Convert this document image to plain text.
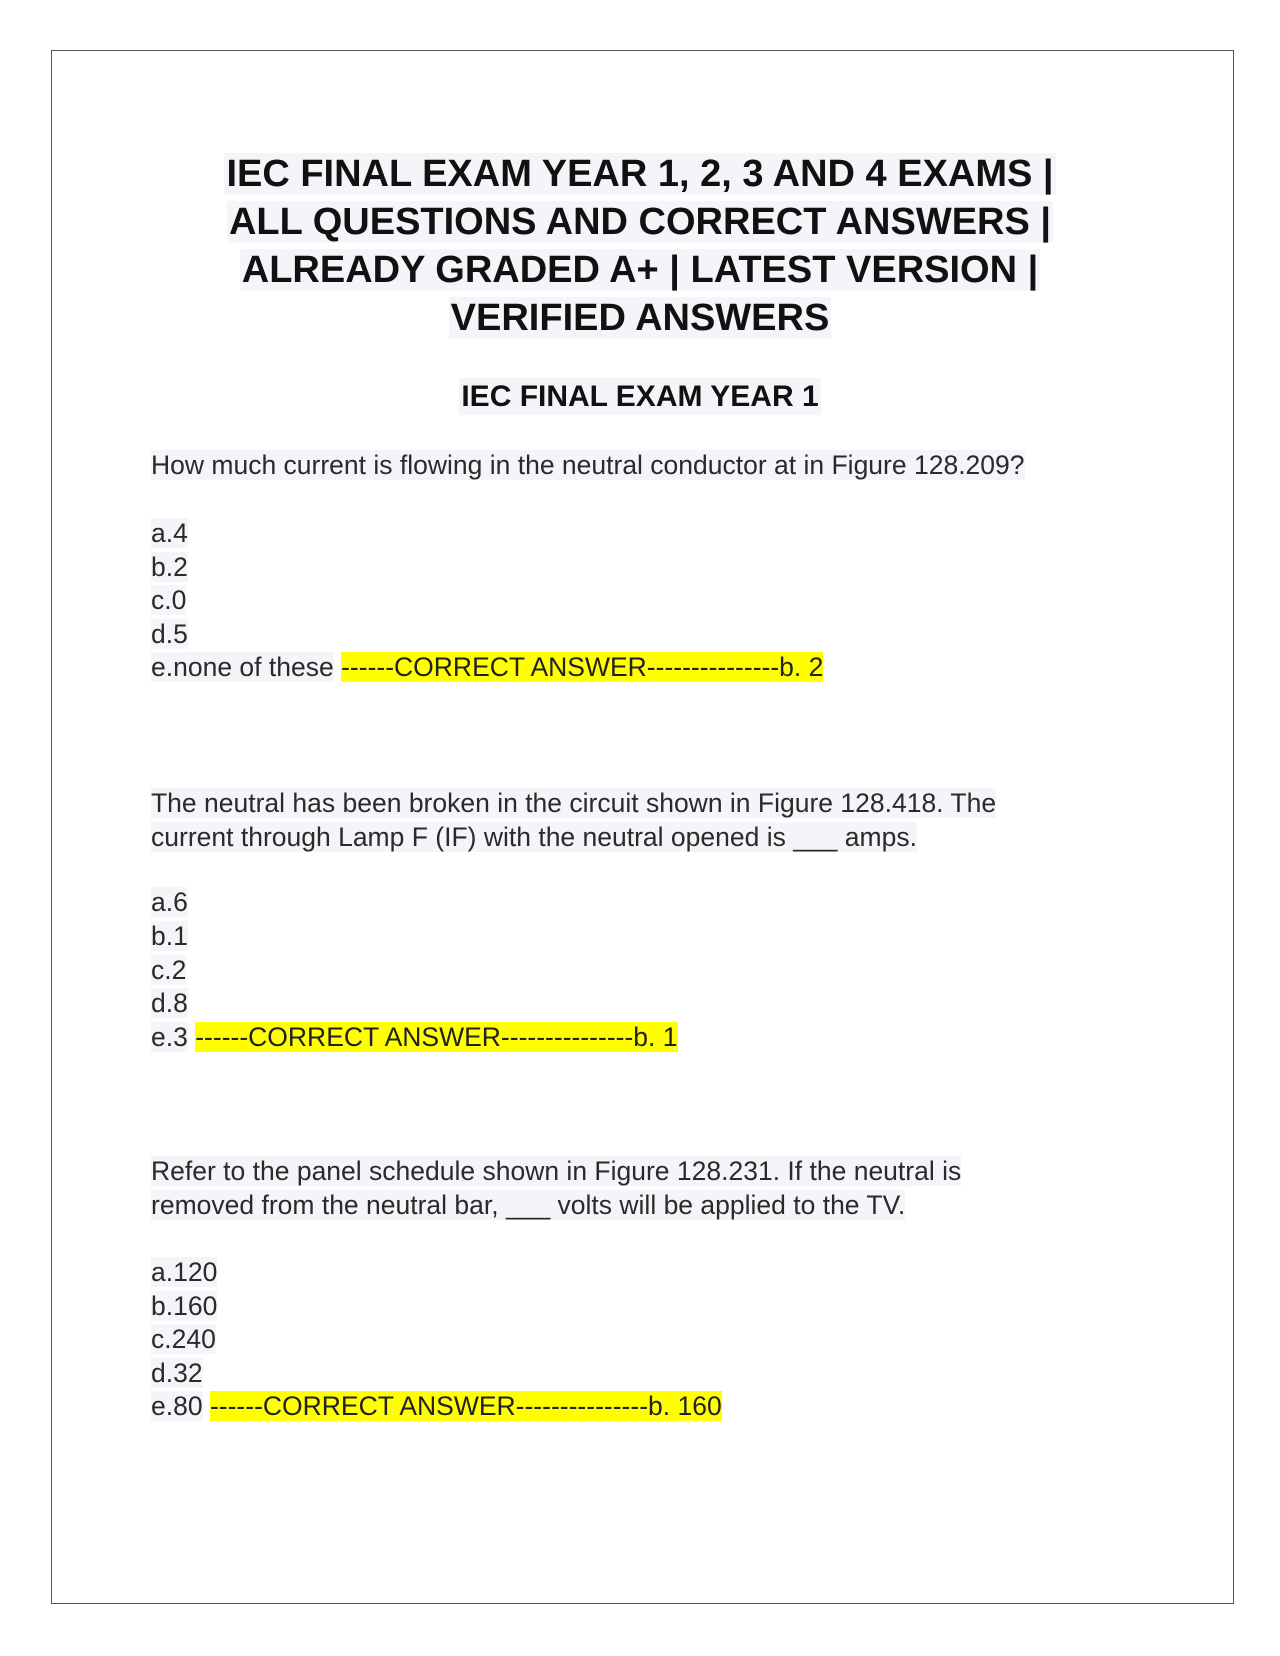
IEC FINAL EXAM YEAR 1, 2, 3 AND 4 EXAMS |
ALL QUESTIONS AND CORRECT ANSWERS |
ALREADY GRADED A+ | LATEST VERSION |
VERIFIED ANSWERS
IEC FINAL EXAM YEAR 1
How much current is flowing in the neutral conductor at in Figure 128.209?
a.4
b.2
c.0
d.5
e.none of these ------CORRECT ANSWER---------------b. 2
The neutral has been broken in the circuit shown in Figure 128.418. The
current through Lamp F (IF) with the neutral opened is ___ amps.
a.6
b.1
c.2
d.8
e.3 ------CORRECT ANSWER---------------b. 1
Refer to the panel schedule shown in Figure 128.231. If the neutral is
removed from the neutral bar, ___ volts will be applied to the TV.
a.120
b.160
c.240
d.32
e.80 ------CORRECT ANSWER---------------b. 160
